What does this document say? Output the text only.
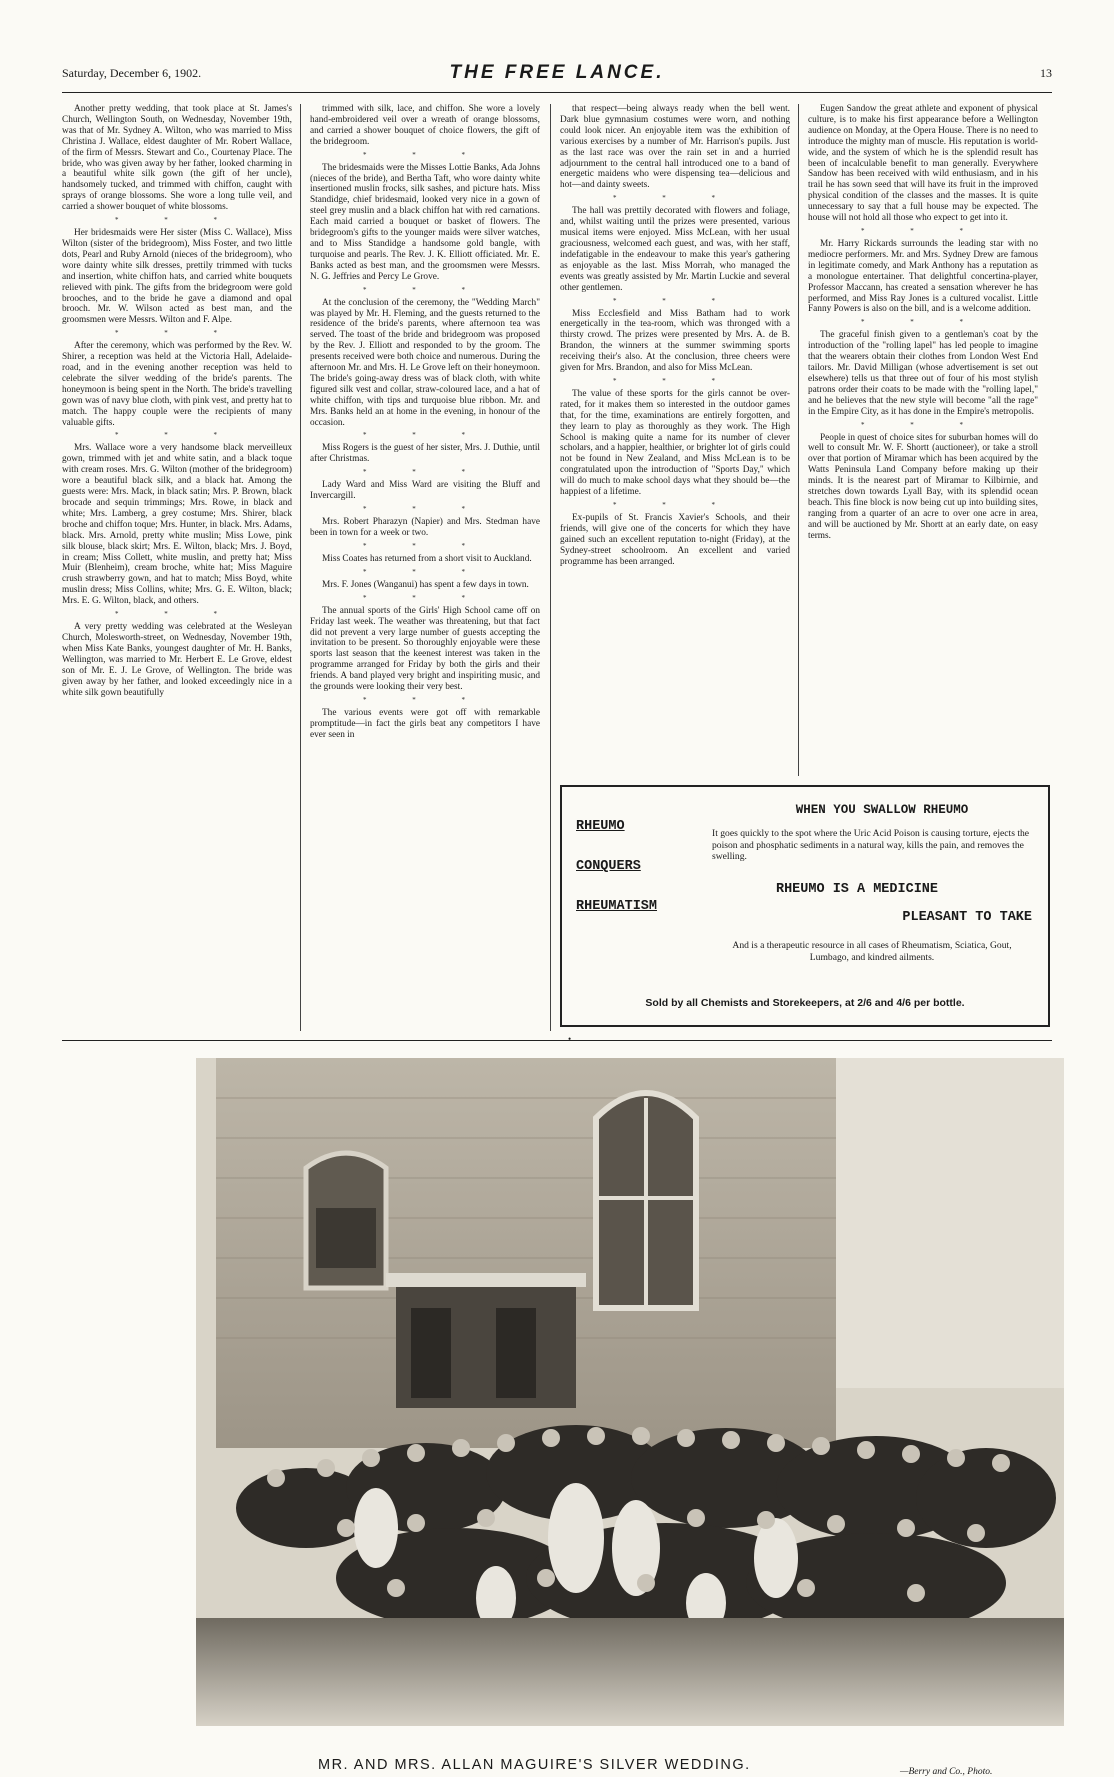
Saturday, December 6, 1902.	THE FREE LANCE.	13

Another pretty wedding, that took place at St. James's Church, Wellington South, on Wednesday, November 19th, was that of Mr. Sydney A. Wilton, who was married to Miss Christina J. Wallace, eldest daughter of Mr. Robert Wallace, of the firm of Messrs. Stewart and Co., Courtenay Place. The bride, who was given away by her father, looked charming in a beautiful white silk gown (the gift of her uncle), handsomely tucked, and trimmed with chiffon, caught with sprays of orange blossoms. She wore a long tulle veil, and carried a shower bouquet of white blossoms.

* * *

Her bridesmaids were Her sister (Miss C. Wallace), Miss Wilton (sister of the bridegroom), Miss Foster, and two little dots, Pearl and Ruby Arnold (nieces of the bridegroom), who wore dainty white silk dresses, prettily trimmed with tucks and insertion, white chiffon hats, and carried white bouquets relieved with pink. The gifts from the bridegroom were gold brooches, and to the bride he gave a diamond and opal brooch. Mr. W. Wilson acted as best man, and the groomsmen were Messrs. Wilton and F. Alpe.

* * *

After the ceremony, which was performed by the Rev. W. Shirer, a reception was held at the Victoria Hall, Adelaide-road, and in the evening another reception was held to celebrate the silver wedding of the bride's parents. The honeymoon is being spent in the North. The bride's travelling gown was of navy blue cloth, with pink vest, and pretty hat to match. The happy couple were the recipients of many valuable gifts.

* * *

Mrs. Wallace wore a very handsome black merveilleux gown, trimmed with jet and white satin, and a black toque with cream roses. Mrs. G. Wilton (mother of the bridegroom) wore a beautiful black silk, and a black hat. Among the guests were: Mrs. Mack, in black satin; Mrs. P. Brown, black brocade and sequin trimmings; Mrs. Rowe, in black and white; Mrs. Lamberg, a grey costume; Mrs. Shirer, black broche and chiffon toque; Mrs. Hunter, in black. Mrs. Adams, black. Mrs. Arnold, pretty white muslin; Miss Lowe, pink silk blouse, black skirt; Mrs. E. Wilton, black; Mrs. J. Boyd, in cream; Miss Collett, white muslin, and pretty hat; Miss Muir (Blenheim), cream broche, white hat; Miss Maguire crush strawberry gown, and hat to match; Miss Boyd, white muslin dress; Miss Collins, white; Mrs. G. E. Wilton, black; Mrs. E. G. Wilton, black, and others.

* * *

A very pretty wedding was celebrated at the Wesleyan Church, Molesworth-street, on Wednesday, November 19th, when Miss Kate Banks, youngest daughter of Mr. H. Banks, Wellington, was married to Mr. Herbert E. Le Grove, eldest son of Mr. E. J. Le Grove, of Wellington. The bride was given away by her father, and looked exceedingly nice in a white silk gown beautifully

trimmed with silk, lace, and chiffon. She wore a lovely hand-embroidered veil over a wreath of orange blossoms, and carried a shower bouquet of choice flowers, the gift of the bridegroom.

* * *

The bridesmaids were the Misses Lottie Banks, Ada Johns (nieces of the bride), and Bertha Taft, who wore dainty white insertioned muslin frocks, silk sashes, and picture hats. Miss Standidge, chief bridesmaid, looked very nice in a gown of steel grey muslin and a black chiffon hat with red carnations. Each maid carried a bouquet or basket of flowers. The bridegroom's gifts to the younger maids were silver watches, and to Miss Standidge a handsome gold bangle, with turquoise and pearls. The Rev. J. K. Elliott officiated. Mr. E. Banks acted as best man, and the groomsmen were Messrs. N. G. Jeffries and Percy Le Grove.

* * *

At the conclusion of the ceremony, the "Wedding March" was played by Mr. H. Fleming, and the guests returned to the residence of the bride's parents, where afternoon tea was served. The toast of the bride and bridegroom was proposed by the Rev. J. Elliott and responded to by the groom. The presents received were both choice and numerous. During the afternoon Mr. and Mrs. H. Le Grove left on their honeymoon. The bride's going-away dress was of black cloth, with white figured silk vest and collar, straw-coloured lace, and a hat of white chiffon, with tips and turquoise blue ribbon. Mr. and Mrs. Banks held an at home in the evening, in honour of the occasion.

* * *

Miss Rogers is the guest of her sister, Mrs. J. Duthie, until after Christmas.

* * *

Lady Ward and Miss Ward are visiting the Bluff and Invercargill.

* * *

Mrs. Robert Pharazyn (Napier) and Mrs. Stedman have been in town for a week or two.

* * *

Miss Coates has returned from a short visit to Auckland.

* * *

Mrs. F. Jones (Wanganui) has spent a few days in town.

* * *

The annual sports of the Girls' High School came off on Friday last week. The weather was threatening, but that fact did not prevent a very large number of guests accepting the invitation to be present. So thoroughly enjoyable were these sports last season that the keenest interest was taken in the programme arranged for Friday by both the girls and their friends. A band played very bright and inspiriting music, and the grounds were looking their very best.

* * *

The various events were got off with remarkable promptitude—in fact the girls beat any competitors I have ever seen in

that respect—being always ready when the bell went. Dark blue gymnasium costumes were worn, and nothing could look nicer. An enjoyable item was the exhibition of various exercises by a number of Mr. Harrison's pupils. Just as the last race was over the rain set in and a hurried adjournment to the central hall introduced one to a band of energetic maidens who were dispensing tea—delicious and hot—and dainty sweets.

* * *

The hall was prettily decorated with flowers and foliage, and, whilst waiting until the prizes were presented, various musical items were enjoyed. Miss McLean, with her usual graciousness, welcomed each guest, and was, with her staff, indefatigable in the endeavour to make this year's gathering as enjoyable as the last. Miss Morrah, who managed the events was greatly assisted by Mr. Martin Luckie and several other gentlemen.

* * *

Miss Ecclesfield and Miss Batham had to work energetically in the tea-room, which was thronged with a thirsty crowd. The prizes were presented by Mrs. A. de B. Brandon, the winners at the summer swimming sports receiving their's also. At the conclusion, three cheers were given for Mrs. Brandon, and also for Miss McLean.

* * *

The value of these sports for the girls cannot be over-rated, for it makes them so interested in the outdoor games that, for the time, examinations are entirely forgotten, and they learn to play as thoroughly as they work. The High School is making quite a name for its number of clever scholars, and a happier, healthier, or brighter lot of girls could not be found in New Zealand, and Miss McLean is to be congratulated upon the introduction of "Sports Day," which will do much to make school days what they should be—the happiest of a lifetime.

* * *

Ex-pupils of St. Francis Xavier's Schools, and their friends, will give one of the concerts for which they have gained such an excellent reputation to-night (Friday), at the Sydney-street schoolroom. An excellent and varied programme has been arranged.

Eugen Sandow the great athlete and exponent of physical culture, is to make his first appearance before a Wellington audience on Monday, at the Opera House. There is no need to introduce the mighty man of muscle. His reputation is world-wide, and the system of which he is the splendid result has been of incalculable benefit to man generally. Everywhere Sandow has been received with wild enthusiasm, and in his trail he has sown seed that will have its fruit in the improved physical condition of the classes and the masses. It is quite unnecessary to say that a full house may be expected. The house will not hold all those who expect to get into it.

* * *

Mr. Harry Rickards surrounds the leading star with no mediocre performers. Mr. and Mrs. Sydney Drew are famous in legitimate comedy, and Mark Anthony has a reputation as a monologue entertainer. That delightful concertina-player, Professor Maccann, has created a sensation wherever he has performed, and Miss Ray Jones is a cultured vocalist. Little Fanny Powers is also on the bill, and is a welcome addition.

* * *

The graceful finish given to a gentleman's coat by the introduction of the "rolling lapel" has led people to imagine that the wearers obtain their clothes from London West End tailors. Mr. David Milligan (whose advertisement is set out elsewhere) tells us that three out of four of his most stylish patrons order their coats to be made with the "rolling lapel," and he believes that the new style will become "all the rage" in the Empire City, as it has done in the Empire's metropolis.

* * *

People in quest of choice sites for suburban homes will do well to consult Mr. W. F. Shortt (auctioneer), or take a stroll over that portion of Miramar which has been acquired by the Watts Peninsula Land Company before making up their minds. It is the nearest part of Miramar to Kilbirnie, and stretches down towards Lyall Bay, with its splendid ocean beach. This fine block is now being cut up into building sites, ranging from a quarter of an acre to over one acre in area, and will be auctioned by Mr. Shortt at an early date, on easy terms.

RHEUMO
CONQUERS
RHEUMATISM
WHEN YOU SWALLOW RHEUMO
It goes quickly to the spot where the Uric Acid Poison is causing torture, ejects the poison and phosphatic sediments in a natural way, kills the pain, and removes the swelling.
RHEUMO IS A MEDICINE
PLEASANT TO TAKE
And is a therapeutic resource in all cases of Rheumatism, Sciatica, Gout, Lumbago, and kindred ailments.
Sold by all Chemists and Storekeepers, at 2/6 and 4/6 per bottle.
•
MR. AND MRS. ALLAN MAGUIRE'S SILVER WEDDING.	—Berry and Co., Photo.
